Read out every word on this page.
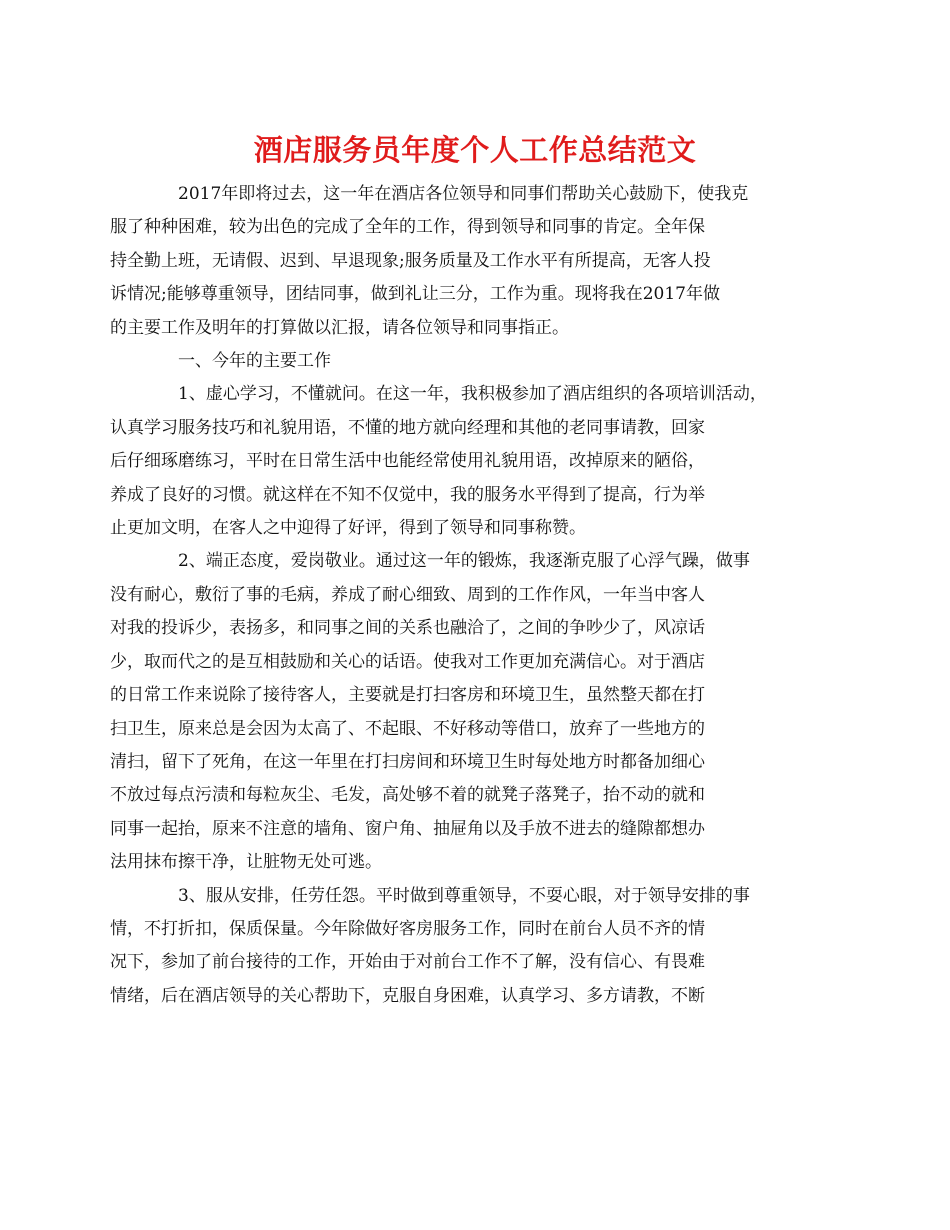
酒店服务员年度个人工作总结范文
2017年即将过去，这一年在酒店各位领导和同事们帮助关心鼓励下，使我克
服了种种困难，较为出色的完成了全年的工作，得到领导和同事的肯定。全年保
持全勤上班，无请假、迟到、早退现象;服务质量及工作水平有所提高，无客人投
诉情况;能够尊重领导，团结同事，做到礼让三分，工作为重。现将我在2017年做
的主要工作及明年的打算做以汇报，请各位领导和同事指正。
一、今年的主要工作
1、虚心学习，不懂就问。在这一年，我积极参加了酒店组织的各项培训活动，
认真学习服务技巧和礼貌用语，不懂的地方就向经理和其他的老同事请教，回家
后仔细琢磨练习，平时在日常生活中也能经常使用礼貌用语，改掉原来的陋俗，
养成了良好的习惯。就这样在不知不仅觉中，我的服务水平得到了提高，行为举
止更加文明，在客人之中迎得了好评，得到了领导和同事称赞。
2、端正态度，爱岗敬业。通过这一年的锻炼，我逐渐克服了心浮气躁，做事
没有耐心，敷衍了事的毛病，养成了耐心细致、周到的工作作风，一年当中客人
对我的投诉少，表扬多，和同事之间的关系也融洽了，之间的争吵少了，风凉话
少，取而代之的是互相鼓励和关心的话语。使我对工作更加充满信心。对于酒店
的日常工作来说除了接待客人，主要就是打扫客房和环境卫生，虽然整天都在打
扫卫生，原来总是会因为太高了、不起眼、不好移动等借口，放弃了一些地方的
清扫，留下了死角，在这一年里在打扫房间和环境卫生时每处地方时都备加细心
不放过每点污渍和每粒灰尘、毛发，高处够不着的就凳子落凳子，抬不动的就和
同事一起抬，原来不注意的墙角、窗户角、抽屉角以及手放不进去的缝隙都想办
法用抹布擦干净，让脏物无处可逃。
3、服从安排，任劳任怨。平时做到尊重领导，不耍心眼，对于领导安排的事
情，不打折扣，保质保量。今年除做好客房服务工作，同时在前台人员不齐的情
况下，参加了前台接待的工作，开始由于对前台工作不了解，没有信心、有畏难
情绪，后在酒店领导的关心帮助下，克服自身困难，认真学习、多方请教，不断
